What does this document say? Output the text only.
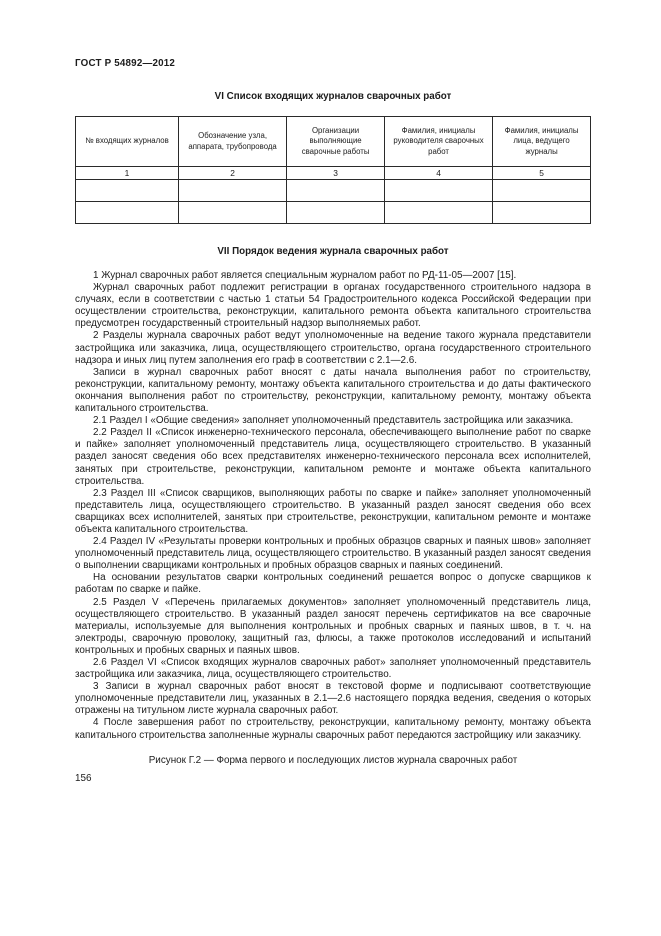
ГОСТ Р 54892—2012
VI Список входящих журналов сварочных работ
№ входящих журналов	Обозначение узла, аппарата, трубопровода	Организации выполняющие сварочные работы	Фамилия, инициалы руководителя сварочных работ	Фамилия, инициалы лица, ведущего журналы
1	2	3	4	5

VII Порядок ведения журнала сварочных работ

1 Журнал сварочных работ является специальным журналом работ по РД-11-05—2007 [15].

Журнал сварочных работ подлежит регистрации в органах государственного строительного надзора в случаях, если в соответствии с частью 1 статьи 54 Градостроительного кодекса Российской Федерации при осуществлении строительства, реконструкции, капитального ремонта объекта капитального строительства предусмотрен государственный строительный надзор выполняемых работ.

2 Разделы журнала сварочных работ ведут уполномоченные на ведение такого журнала представители застройщика или заказчика, лица, осуществляющего строительство, органа государственного строительного надзора и иных лиц путем заполнения его граф в соответствии с 2.1—2.6.

Записи в журнал сварочных работ вносят с даты начала выполнения работ по строительству, реконструкции, капитальному ремонту, монтажу объекта капитального строительства и до даты фактического окончания выполнения работ по строительству, реконструкции, капитальному ремонту, монтажу объекта капитального строительства.

2.1 Раздел I «Общие сведения» заполняет уполномоченный представитель застройщика или заказчика.

2.2 Раздел II «Список инженерно-технического персонала, обеспечивающего выполнение работ по сварке и пайке» заполняет уполномоченный представитель лица, осуществляющего строительство. В указанный раздел заносят сведения обо всех представителях инженерно-технического персонала всех исполнителей, занятых при строительстве, реконструкции, капитальном ремонте и монтаже объекта капитального строительства.

2.3 Раздел III «Список сварщиков, выполняющих работы по сварке и пайке» заполняет уполномоченный представитель лица, осуществляющего строительство. В указанный раздел заносят сведения обо всех сварщиках всех исполнителей, занятых при строительстве, реконструкции, капитальном ремонте и монтаже объекта капитального строительства.

2.4 Раздел IV «Результаты проверки контрольных и пробных образцов сварных и паяных швов» заполняет уполномоченный представитель лица, осуществляющего строительство. В указанный раздел заносят сведения о выполнении сварщиками контрольных и пробных образцов сварных и паяных соединений.

На основании результатов сварки контрольных соединений решается вопрос о допуске сварщиков к работам по сварке и пайке.

2.5 Раздел V «Перечень прилагаемых документов» заполняет уполномоченный представитель лица, осуществляющего строительство. В указанный раздел заносят перечень сертификатов на все сварочные материалы, используемые для выполнения контрольных и пробных сварных и паяных швов, в т. ч. на электроды, сварочную проволоку, защитный газ, флюсы, а также протоколов исследований и испытаний контрольных и пробных сварных и паяных швов.

2.6 Раздел VI «Список входящих журналов сварочных работ» заполняет уполномоченный представитель застройщика или заказчика, лица, осуществляющего строительство.

3 Записи в журнал сварочных работ вносят в текстовой форме и подписывают соответствующие уполномоченные представители лиц, указанных в 2.1—2.6 настоящего порядка ведения, сведения о которых отражены на титульном листе журнала сварочных работ.

4 После завершения работ по строительству, реконструкции, капитальному ремонту, монтажу объекта капитального строительства заполненные журналы сварочных работ передаются застройщику или заказчику.

Рисунок Г.2 — Форма первого и последующих листов журнала сварочных работ
156
